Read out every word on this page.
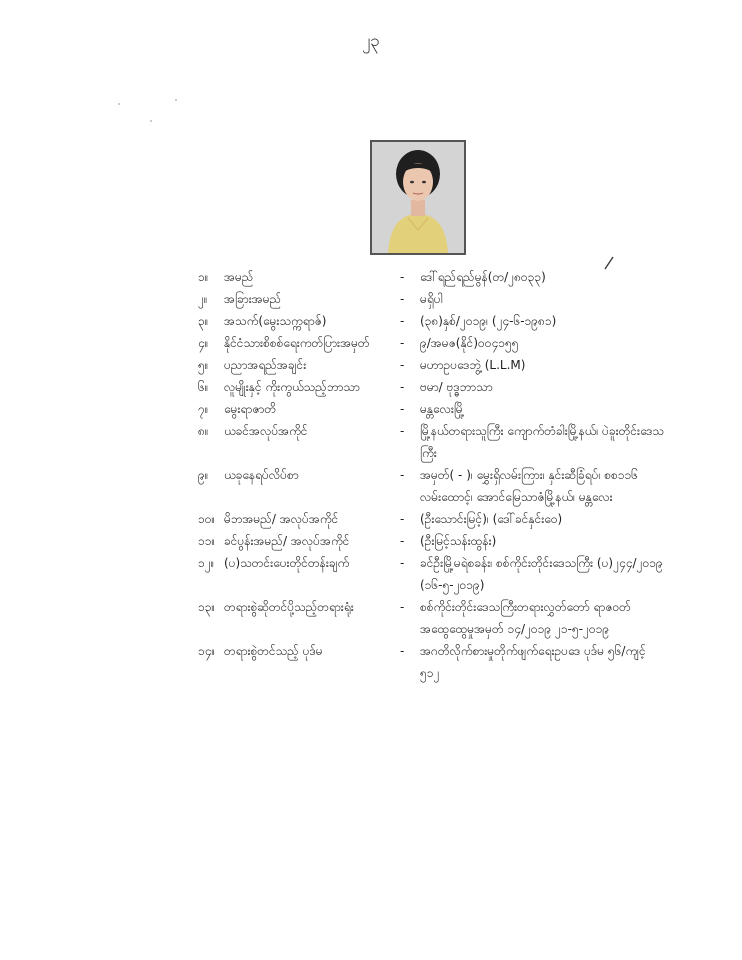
၂၃
၁။	အမည်	-	ဒေါ်ရည်ရည်မွန်(တ/၂၈၀၃၃)
၂။	အခြားအမည်	-	မရှိပါ
၃။	အသက်(မွေးသက္ကရာဇ်)	-	(၃၈)နှစ်/၂၀၁၉၊ (၂၄-၆-၁၉၈၁)
၄။	နိုင်ငံသားစိစစ်ရေးကတ်ပြားအမှတ်	-	၉/အမဇ(နိုင်)၀၀၄၁၅၅
၅။	ပညာအရည်အချင်း	-	မဟာဥပဒေဘွဲ့ (L.L.M)
၆။	လူမျိုးနှင့် ကိုးကွယ်သည့်ဘာသာ	-	ဗမာ/ ဗုဒ္ဓဘာသာ
၇။	မွေးရာဇာတိ	-	မန္တလေးမြို့
၈။	ယခင်အလုပ်အကိုင်	-	မြို့နယ်တရားသူကြီး ကျောက်တံခါးမြို့နယ်၊ ပဲခူးတိုင်းဒေသကြီး
၉။	ယခုနေရပ်လိပ်စာ	-	အမှတ်( - )၊ မွှေးရှိလမ်းကြား၊ နှင်းဆီခြံရပ်၊ စစ၁၁၆ လမ်းထောင့်၊ အောင်မြေသာဇံမြို့နယ်၊ မန္တလေး
၁၀။ မိဘအမည်/ အလုပ်အကိုင်	-	(ဦးသောင်းမြင့်)၊ (ဒေါ်ခင်နှင်းဝေ)
၁၁။ ခင်ပွန်းအမည်/ အလုပ်အကိုင်	-	(ဦးမြင့်သန်းထွန်း)
၁၂။ (ပ)သတင်းပေးတိုင်တန်းချက်	-	ခင်ဦးမြို့မရဲစခန်း၊ စစ်ကိုင်းတိုင်းဒေသကြီး (ပ)၂၄၄/၂၀၁၉ (၁၆-၅-၂၀၁၉)
၁၃။ တရားစွဲဆိုတင်ပို့သည့်တရားရုံး	-	စစ်ကိုင်းတိုင်းဒေသကြီးတရားလွှတ်တော် ရာဇဝတ်အထွေထွေမှုအမှတ် ၁၄/၂၀၁၉ ၂၁-၅-၂၀၁၉
၁၄။ တရားစွဲတင်သည့် ပုဒ်မ	-	အဂတိလိုက်စားမှုတိုက်ဖျက်ရေးဥပဒေ ပုဒ်မ ၅၆/ကျင့် ၅၁၂
